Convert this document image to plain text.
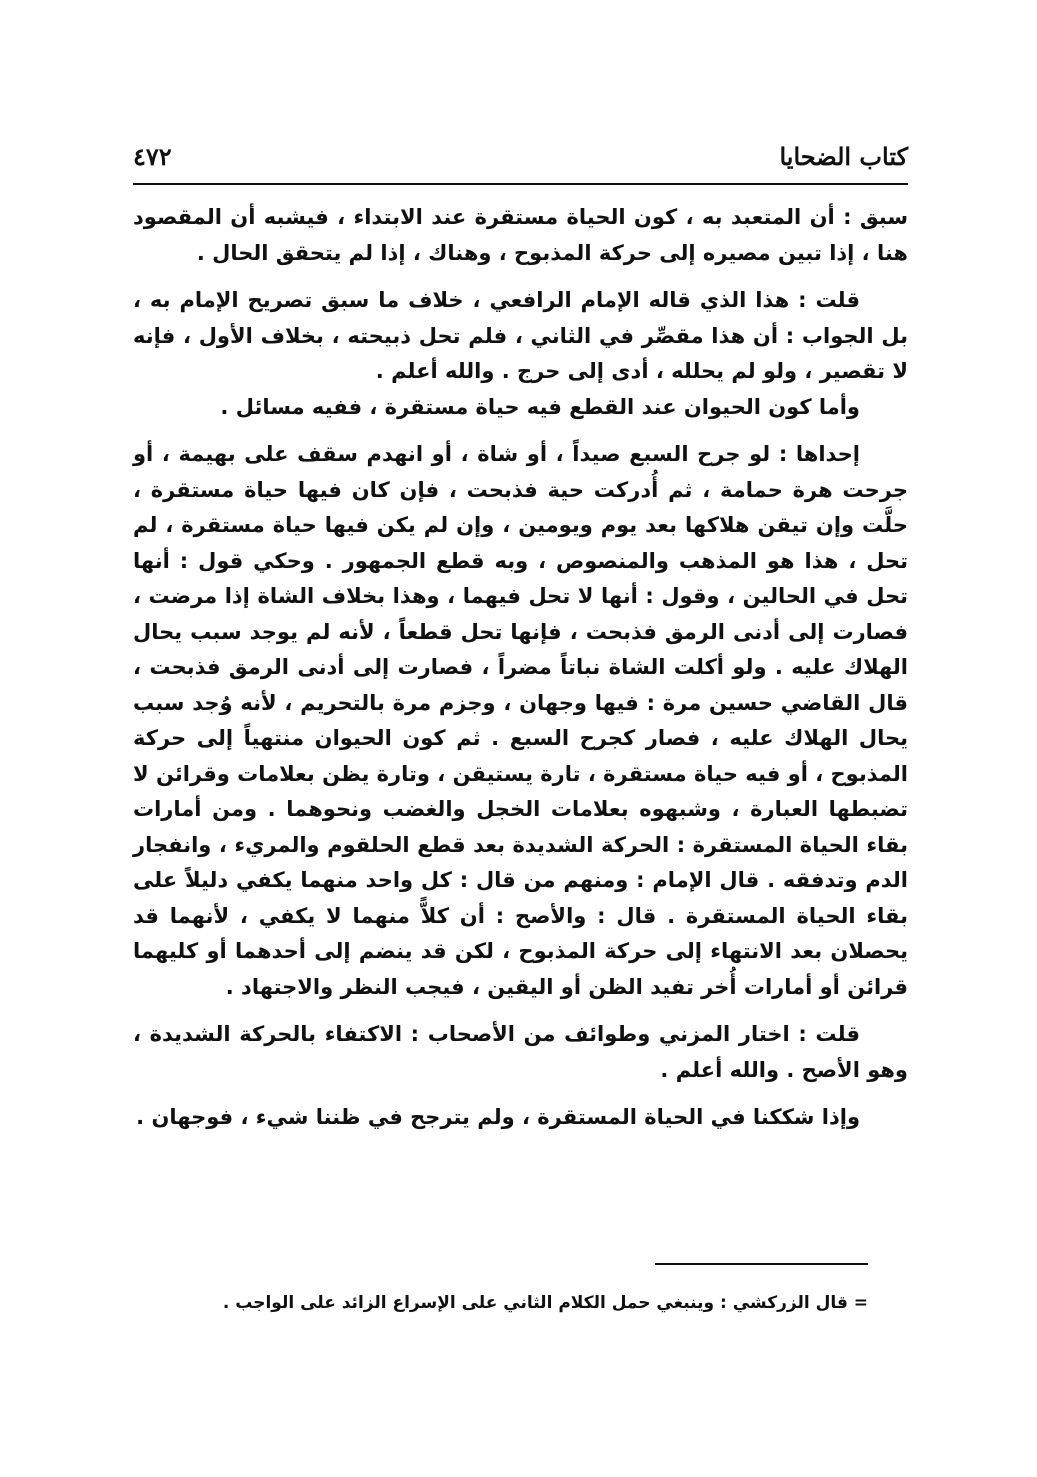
كتاب الضحايا
٤٧٢

سبق : أن المتعبد به ، كون الحياة مستقرة عند الابتداء ، فيشبه أن المقصود هنا ، إذا تبين مصيره إلى حركة المذبوح ، وهناك ، إذا لم يتحقق الحال .

قلت : هذا الذي قاله الإمام الرافعي ، خلاف ما سبق تصريح الإمام به ، بل الجواب : أن هذا مقصِّر في الثاني ، فلم تحل ذبيحته ، بخلاف الأول ، فإنه لا تقصير ، ولو لم يحلله ، أدى إلى حرج . والله أعلم .

وأما كون الحيوان عند القطع فيه حياة مستقرة ، ففيه مسائل .

إحداها : لو جرح السبع صيداً ، أو شاة ، أو انهدم سقف على بهيمة ، أو جرحت هرة حمامة ، ثم أُدركت حية فذبحت ، فإن كان فيها حياة مستقرة ، حلَّت وإن تيقن هلاكها بعد يوم ويومين ، وإن لم يكن فيها حياة مستقرة ، لم تحل ، هذا هو المذهب والمنصوص ، وبه قطع الجمهور . وحكي قول : أنها تحل في الحالين ، وقول : أنها لا تحل فيهما ، وهذا بخلاف الشاة إذا مرضت ، فصارت إلى أدنى الرمق فذبحت ، فإنها تحل قطعاً ، لأنه لم يوجد سبب يحال الهلاك عليه . ولو أكلت الشاة نباتاً مضراً ، فصارت إلى أدنى الرمق فذبحت ، قال القاضي حسين مرة : فيها وجهان ، وجزم مرة بالتحريم ، لأنه وُجد سبب يحال الهلاك عليه ، فصار كجرح السبع . ثم كون الحيوان منتهياً إلى حركة المذبوح ، أو فيه حياة مستقرة ، تارة يستيقن ، وتارة يظن بعلامات وقرائن لا تضبطها العبارة ، وشبهوه بعلامات الخجل والغضب ونحوهما . ومن أمارات بقاء الحياة المستقرة : الحركة الشديدة بعد قطع الحلقوم والمريء ، وانفجار الدم وتدفقه . قال الإمام : ومنهم من قال : كل واحد منهما يكفي دليلاً على بقاء الحياة المستقرة . قال : والأصح : أن كلاًّ منهما لا يكفي ، لأنهما قد يحصلان بعد الانتهاء إلى حركة المذبوح ، لكن قد ينضم إلى أحدهما أو كليهما قرائن أو أمارات أُخر تفيد الظن أو اليقين ، فيجب النظر والاجتهاد .

قلت : اختار المزني وطوائف من الأصحاب : الاكتفاء بالحركة الشديدة ، وهو الأصح . والله أعلم .

وإذا شككنا في الحياة المستقرة ، ولم يترجح في ظننا شيء ، فوجهان .

= قال الزركشي : وينبغي حمل الكلام الثاني على الإسراع الزائد على الواجب .
